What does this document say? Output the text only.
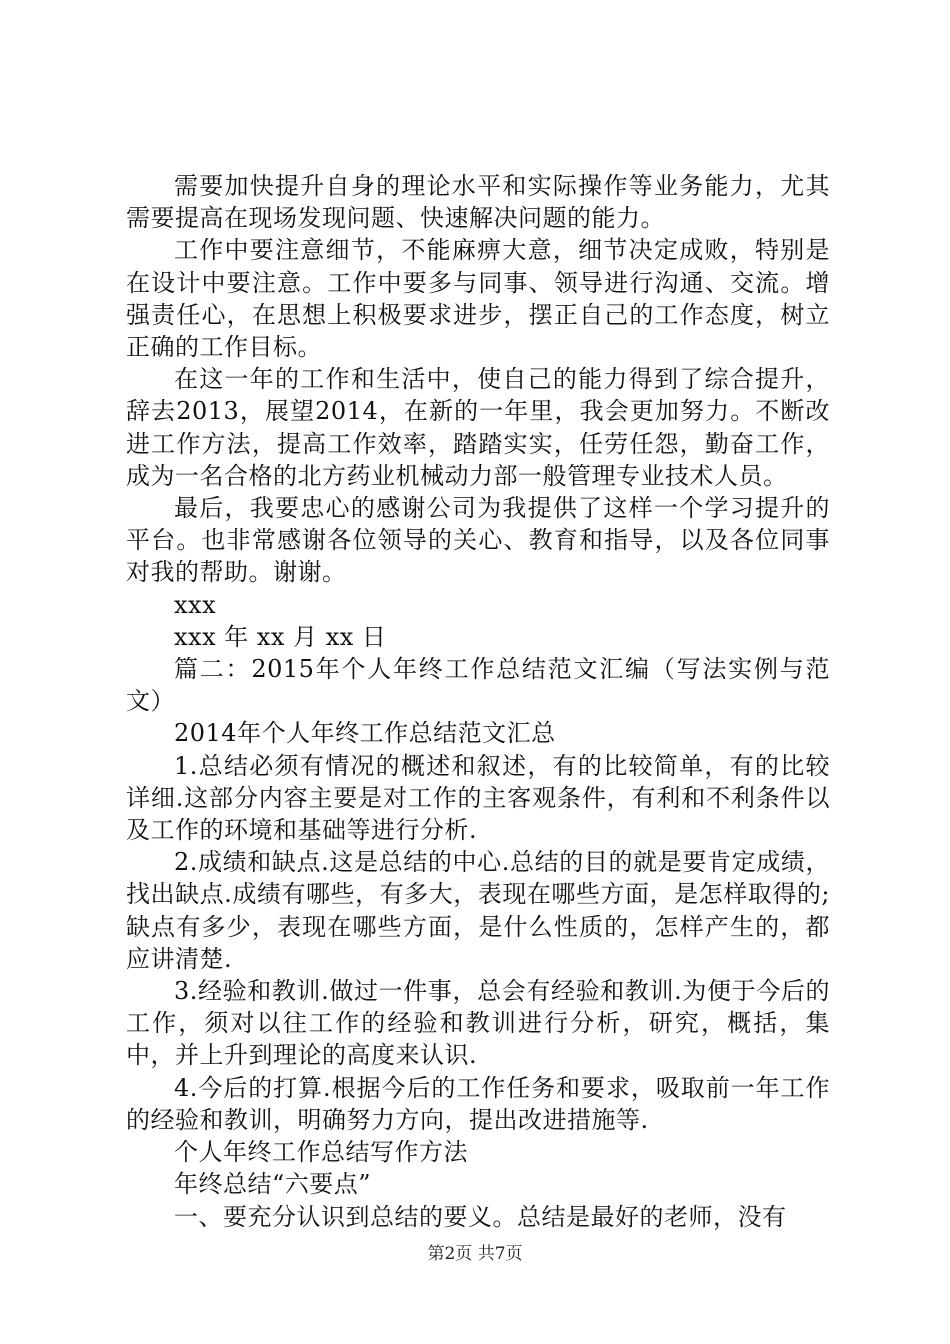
需要加快提升自身的理论水平和实际操作等业务能力，尤其需要提高在现场发现问题、快速解决问题的能力。

工作中要注意细节，不能麻痹大意，细节决定成败，特别是在设计中要注意。工作中要多与同事、领导进行沟通、交流。增强责任心，在思想上积极要求进步，摆正自己的工作态度，树立正确的工作目标。

在这一年的工作和生活中，使自己的能力得到了综合提升，辞去2013，展望2014，在新的一年里，我会更加努力。不断改进工作方法，提高工作效率，踏踏实实，任劳任怨，勤奋工作，成为一名合格的北方药业机械动力部一般管理专业技术人员。

最后，我要忠心的感谢公司为我提供了这样一个学习提升的平台。也非常感谢各位领导的关心、教育和指导，以及各位同事对我的帮助。谢谢。

xxx

xxx 年 xx 月 xx 日

篇二：2015年个人年终工作总结范文汇编（写法实例与范文）

2014年个人年终工作总结范文汇总

1.总结必须有情况的概述和叙述，有的比较简单，有的比较详细.这部分内容主要是对工作的主客观条件，有利和不利条件以及工作的环境和基础等进行分析.

2.成绩和缺点.这是总结的中心.总结的目的就是要肯定成绩，找出缺点.成绩有哪些，有多大，表现在哪些方面，是怎样取得的;缺点有多少，表现在哪些方面，是什么性质的，怎样产生的，都应讲清楚.

3.经验和教训.做过一件事，总会有经验和教训.为便于今后的工作，须对以往工作的经验和教训进行分析，研究，概括，集中，并上升到理论的高度来认识.

4.今后的打算.根据今后的工作任务和要求，吸取前一年工作的经验和教训，明确努力方向，提出改进措施等.

个人年终工作总结写作方法

年终总结“六要点”

一、要充分认识到总结的要义。总结是最好的老师，没有

第2页 共7页
